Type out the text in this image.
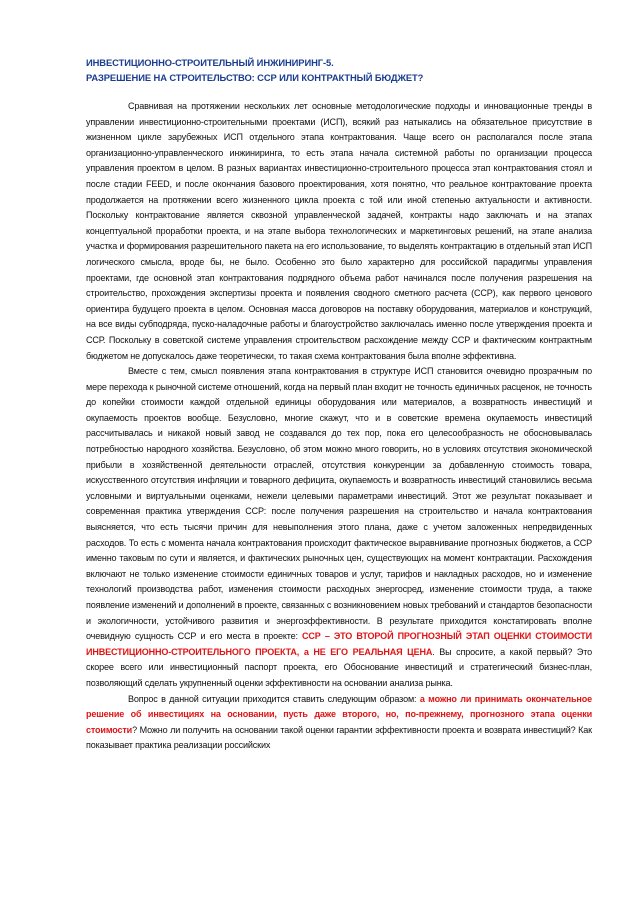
ИНВЕСТИЦИОННО-СТРОИТЕЛЬНЫЙ ИНЖИНИРИНГ-5.
РАЗРЕШЕНИЕ НА СТРОИТЕЛЬСТВО: ССР ИЛИ КОНТРАКТНЫЙ БЮДЖЕТ?

Сравнивая на протяжении нескольких лет основные методологические подходы и инновационные тренды в управлении инвестиционно-строительными проектами (ИСП), всякий раз натыкались на обязательное присутствие в жизненном цикле зарубежных ИСП отдельного этапа контрактования. Чаще всего он располагался после этапа организационно-управленческого инжиниринга, то есть этапа начала системной работы по организации процесса управления проектом в целом. В разных вариантах инвестиционно-строительного процесса этап контрактования стоял и после стадии FEED, и после окончания базового проектирования, хотя понятно, что реальное контрактование проекта продолжается на протяжении всего жизненного цикла проекта с той или иной степенью актуальности и активности. Поскольку контрактование является сквозной управленческой задачей, контракты надо заключать и на этапах концептуальной проработки проекта, и на этапе выбора технологических и маркетинговых решений, на этапе анализа участка и формирования разрешительного пакета на его использование, то выделять контрактацию в отдельный этап ИСП логического смысла, вроде бы, не было. Особенно это было характерно для российской парадигмы управления проектами, где основной этап контрактования подрядного объема работ начинался после получения разрешения на строительство, прохождения экспертизы проекта и появления сводного сметного расчета (ССР), как первого ценового ориентира будущего проекта в целом. Основная масса договоров на поставку оборудования, материалов и конструкций, на все виды субподряда, пуско-наладочные работы и благоустройство заключалась именно после утверждения проекта и ССР. Поскольку в советской системе управления строительством расхождение между ССР и фактическим контрактным бюджетом не допускалось даже теоретически, то такая схема контрактования была вполне эффективна.

Вместе с тем, смысл появления этапа контрактования в структуре ИСП становится очевидно прозрачным по мере перехода к рыночной системе отношений, когда на первый план входит не точность единичных расценок, не точность до копейки стоимости каждой отдельной единицы оборудования или материалов, а возвратность инвестиций и окупаемость проектов вообще. Безусловно, многие скажут, что и в советские времена окупаемость инвестиций рассчитывалась и никакой новый завод не создавался до тех пор, пока его целесообразность не обосновывалась потребностью народного хозяйства. Безусловно, об этом можно много говорить, но в условиях отсутствия экономической прибыли в хозяйственной деятельности отраслей, отсутствия конкуренции за добавленную стоимость товара, искусственного отсутствия инфляции и товарного дефицита, окупаемость и возвратность инвестиций становились весьма условными и виртуальными оценками, нежели целевыми параметрами инвестиций. Этот же результат показывает и современная практика утверждения ССР: после получения разрешения на строительство и начала контрактования выясняется, что есть тысячи причин для невыполнения этого плана, даже с учетом заложенных непредвиденных расходов. То есть с момента начала контрактования происходит фактическое выравнивание прогнозных бюджетов, а ССР именно таковым по сути и является, и фактических рыночных цен, существующих на момент контрактации. Расхождения включают не только изменение стоимости единичных товаров и услуг, тарифов и накладных расходов, но и изменение технологий производства работ, изменения стоимости расходных энергосред, изменение стоимости труда, а также появление изменений и дополнений в проекте, связанных с возникновением новых требований и стандартов безопасности и экологичности, устойчивого развития и энергоэффективности. В результате приходится констатировать вполне очевидную сущность ССР и его места в проекте: ССР – ЭТО ВТОРОЙ ПРОГНОЗНЫЙ ЭТАП ОЦЕНКИ СТОИМОСТИ ИНВЕСТИЦИОННО-СТРОИТЕЛЬНОГО ПРОЕКТА, а НЕ ЕГО РЕАЛЬНАЯ ЦЕНА. Вы спросите, а какой первый? Это скорее всего или инвестиционный паспорт проекта, его Обоснование инвестиций и стратегический бизнес-план, позволяющий сделать укрупненный оценки эффективности на основании анализа рынка.

Вопрос в данной ситуации приходится ставить следующим образом: а можно ли принимать окончательное решение об инвестициях на основании, пусть даже второго, но, по-прежнему, прогнозного этапа оценки стоимости? Можно ли получить на основании такой оценки гарантии эффективности проекта и возврата инвестиций? Как показывает практика реализации российских
